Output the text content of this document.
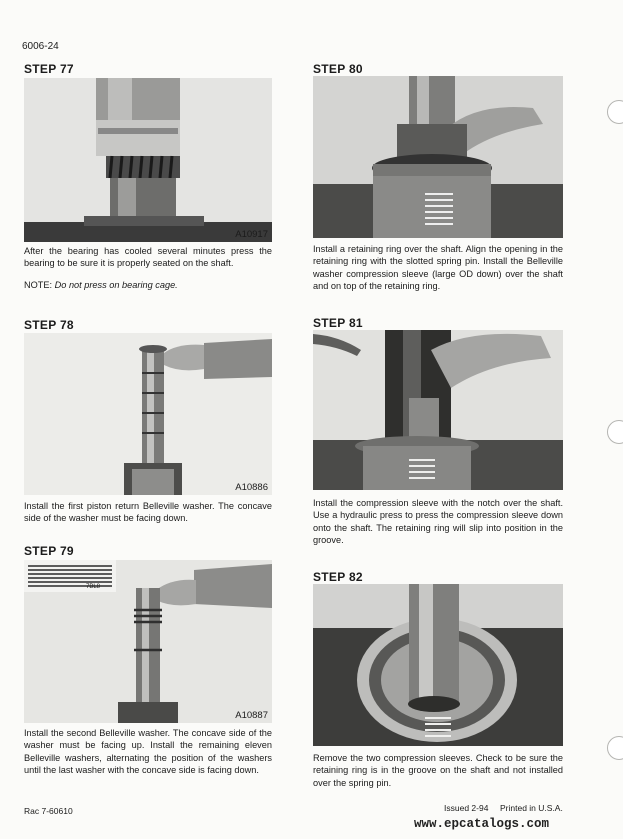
6006-24
STEP 77
A10917
After the bearing has cooled several minutes press the bearing to be sure it is properly seated on the shaft.
NOTE: Do not press on bearing cage.
STEP 78
A10886
Install the first piston return Belleville washer. The concave side of the washer must be facing down.
STEP 79
7BL8
A10887
Install the second Belleville washer. The concave side of the washer must be facing up. Install the remaining eleven Belleville washers, alternating the position of the washers until the last washer with the concave side is facing down.
STEP 80
Install a retaining ring over the shaft. Align the opening in the retaining ring with the slotted spring pin. Install the Belleville washer compression sleeve (large OD down) over the shaft and on top of the retaining ring.
STEP 81
Install the compression sleeve with the notch over the shaft. Use a hydraulic press to press the compression sleeve down onto the shaft. The retaining ring will slip into position in the groove.
STEP 82
Remove the two compression sleeves. Check to be sure the retaining ring is in the groove on the shaft and not installed over the spring pin.
Rac 7-60610	Issued 2-94 Printed in U.S.A.
www.epcatalogs.com
